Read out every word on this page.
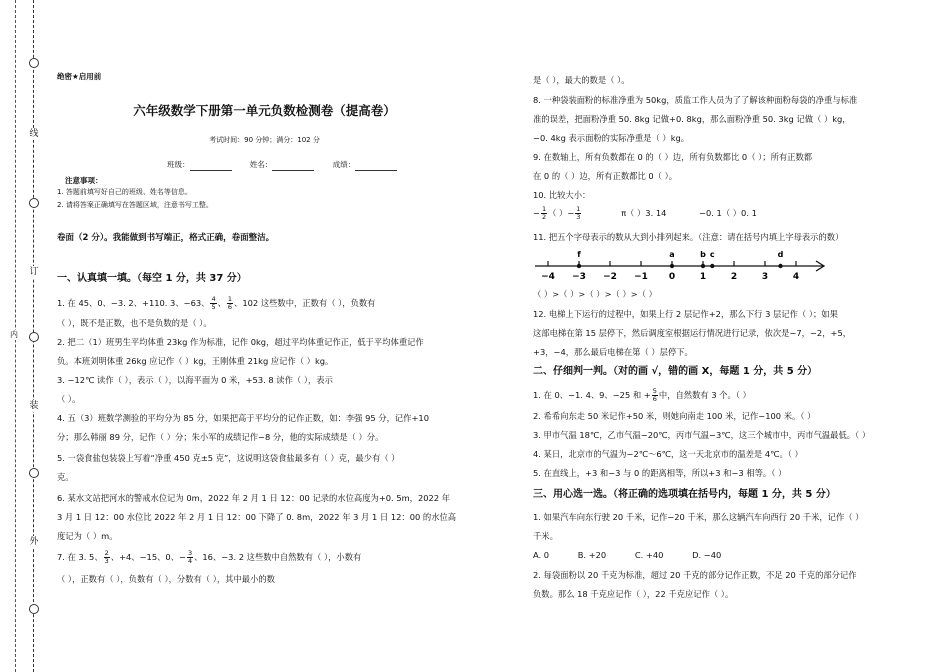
线
订
装
外
内
绝密★启用前
六年级数学下册第一单元负数检测卷（提高卷）
考试时间：90 分钟；满分：102 分
班级：	姓名：	成绩：
注意事项：
1. 答题前填写好自己的班级、姓名等信息。
2. 请将答案正确填写在答题区域，注意书写工整。
卷面（2 分）。我能做到书写端正，格式正确，卷面整洁。
一、认真填一填。（每空 1 分，共 37 分）
1. 在 45、0、−3. 2、+110. 3、−63、 $\frac{4}{5}$ 、 $\frac{1}{6}$ 、102 这些数中，正数有（ ），负数有
（ ），既不是正数，也不是负数的是（ ）。
2. 把二（1）班男生平均体重 23kg 作为标准，记作 0kg，超过平均体重记作正，低于平均体重记作
负。本班刘明体重 26kg 应记作（ ）kg，王刚体重 21kg 应记作（ ）kg。
3. −12℃ 读作（ ），表示（ ），以海平面为 0 米，+53. 8 读作（ ），表示
（ ）。
4. 五（3）班数学测验的平均分为 85 分，如果把高于平均分的记作正数，如：李强 95 分，记作+10
分；那么韩丽 89 分，记作（ ）分；朱小军的成绩记作−8 分，他的实际成绩是（ ）分。
5. 一袋食盐包装袋上写着“净重 450 克±5 克”，这说明这袋食盐最多有（ ）克，最少有（ ）
克。
6. 某水文站把河水的警戒水位记为 0m，2022 年 2 月 1 日 12：00 记录的水位高度为+0. 5m，2022 年
3 月 1 日 12：00 水位比 2022 年 2 月 1 日 12：00 下降了 0. 8m，2022 年 3 月 1 日 12：00 的水位高
度记为（ ）m。
7. 在 3. 5、 $\frac{2}{3}$ 、+4、−15、0、− $\frac{3}{4}$ 、16、−3. 2 这些数中自然数有（ ），小数有
（ ），正数有（ ），负数有（ ），分数有（ ），其中最小的数
是（ ），最大的数是（ ）。
8. 一种袋装面粉的标准净重为 50kg，质监工作人员为了了解该种面粉每袋的净重与标准
准的误差，把面粉净重 50. 8kg 记做+0. 8kg，那么面粉净重 50. 3kg 记做（ ）kg，
−0. 4kg 表示面粉的实际净重是（ ）kg。
9. 在数轴上，所有负数都在 0 的（ ）边，所有负数都比 0（ ）；所有正数都
在 0 的（ ）边，所有正数都比 0（ ）。
10. 比较大小：
− $\frac{1}{2}$ （ ）− $\frac{1}{3}$	π（ ）3. 14	−0. 1（ ）0. 1
11. 把五个字母表示的数从大到小排列起来。（注意：请在括号内填上字母表示的数）
−4 −3 −2 −1 0	1	2	3	4
f	a	b c	d
（ ）>（ ）>（ ）>（ ）>（ ）
12. 电梯上下运行的过程中，如果上行 2 层记作+2，那么下行 3 层记作（ ）；如果
这部电梯在第 15 层停下，然后调度室根据运行情况进行记录，依次是−7，−2，+5，
+3，−4，那么最后电梯在第（ ）层停下。
二、仔细判一判。（对的画 √，错的画 X，每题 1 分，共 5 分）
1. 在 0、−1. 4、9、−25 和 + $\frac{5}{6}$ 中，自然数有 3 个。（ ）
2. 希希向东走 50 米记作+50 米，则她向南走 100 米，记作−100 米。（ ）
3. 甲市气温 18℃，乙市气温−20℃，丙市气温−3℃，这三个城市中，丙市气温最低。（ ）
4. 某日，北京市的气温为−2℃～6℃，这一天北京市的温差是 4℃。（ ）
5. 在直线上，+3 和−3 与 0 的距离相等，所以+3 和−3 相等。（ ）
三、用心选一选。（将正确的选项填在括号内，每题 1 分，共 5 分）
1. 如果汽车向东行驶 20 千米，记作−20 千米，那么这辆汽车向西行 20 千米，记作（ ）
千米。
A. 0	B. +20	C. +40	D. −40
2. 每袋面粉以 20 千克为标准，超过 20 千克的部分记作正数，不足 20 千克的部分记作
负数。那么 18 千克应记作（ ），22 千克应记作（ ）。
